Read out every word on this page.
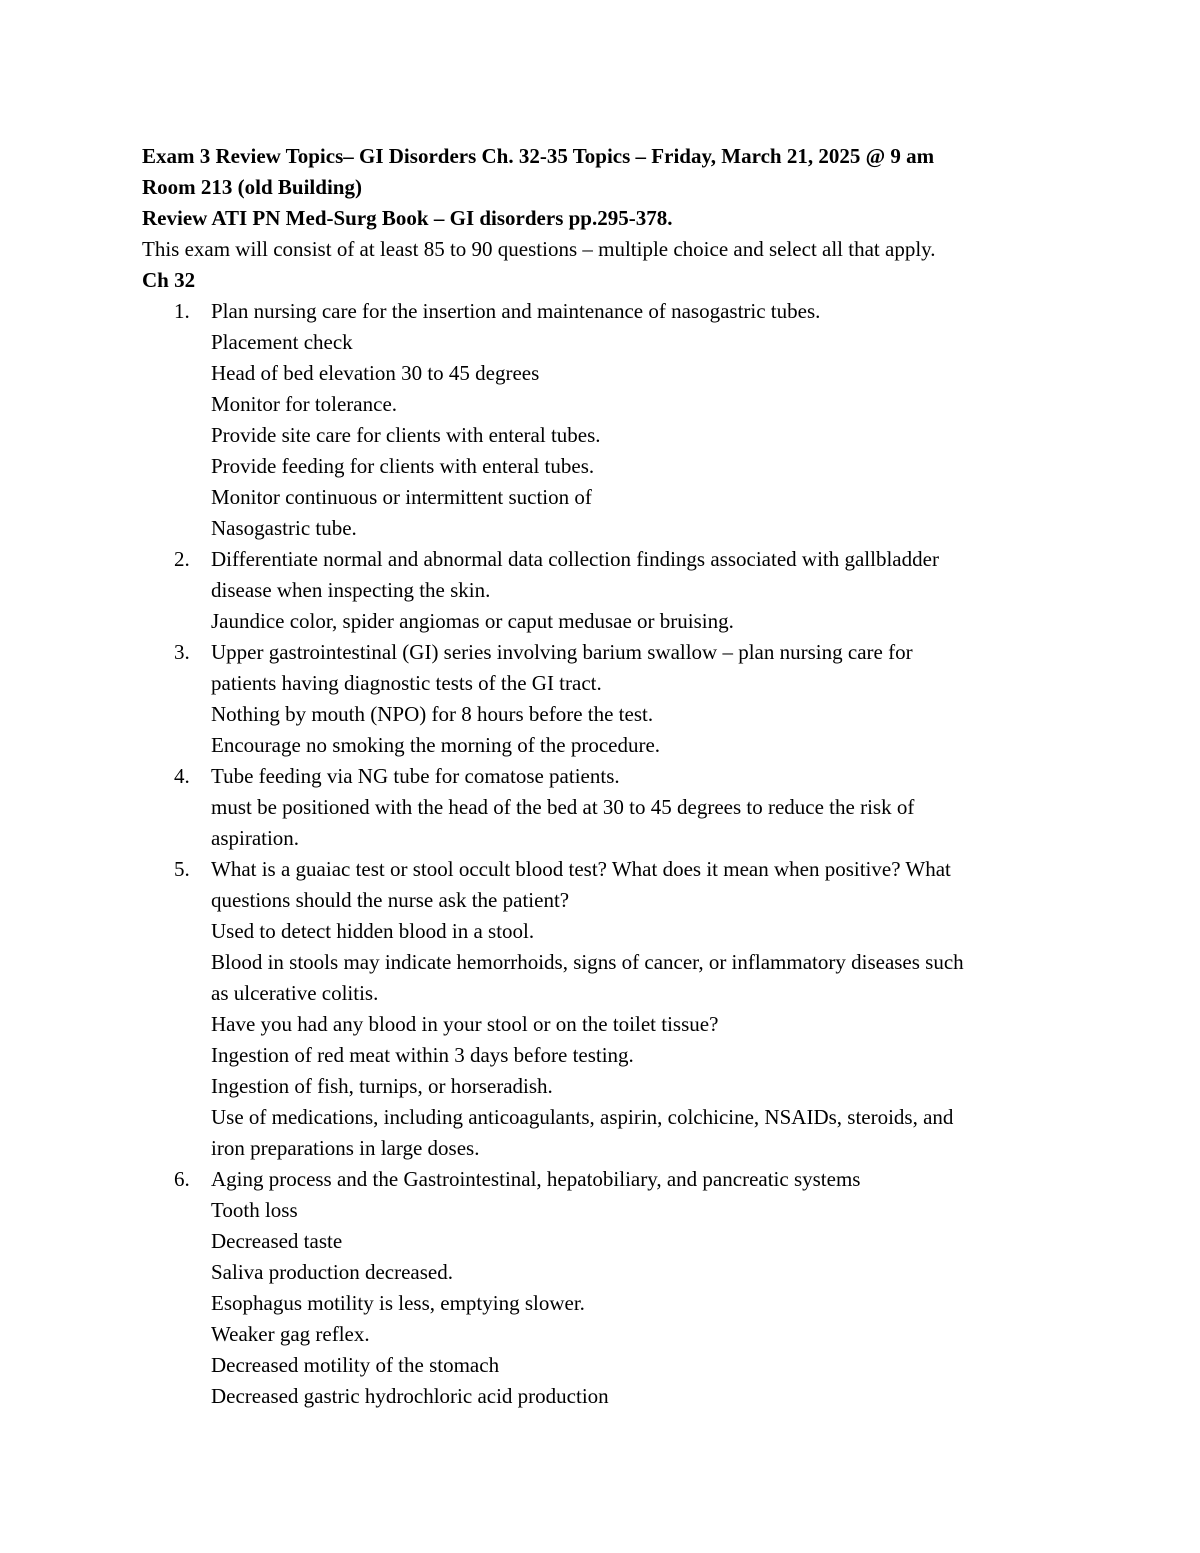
Exam 3 Review Topics– GI Disorders Ch. 32-35 Topics – Friday, March 21, 2025 @ 9 am
Room 213 (old Building)
Review ATI PN Med-Surg Book – GI disorders pp.295-378.
This exam will consist of at least 85 to 90 questions – multiple choice and select all that apply.
Ch 32
1.	Plan nursing care for the insertion and maintenance of nasogastric tubes.
Placement check
Head of bed elevation 30 to 45 degrees
Monitor for tolerance.
Provide site care for clients with enteral tubes.
Provide feeding for clients with enteral tubes.
Monitor continuous or intermittent suction of
Nasogastric tube.
2.	Differentiate normal and abnormal data collection findings associated with gallbladder
disease when inspecting the skin.
Jaundice color, spider angiomas or caput medusae or bruising.
3.	Upper gastrointestinal (GI) series involving barium swallow – plan nursing care for
patients having diagnostic tests of the GI tract.
Nothing by mouth (NPO) for 8 hours before the test.
Encourage no smoking the morning of the procedure.
4.	Tube feeding via NG tube for comatose patients.
must be positioned with the head of the bed at 30 to 45 degrees to reduce the risk of
aspiration.
5.	What is a guaiac test or stool occult blood test? What does it mean when positive? What
questions should the nurse ask the patient?
Used to detect hidden blood in a stool.
Blood in stools may indicate hemorrhoids, signs of cancer, or inflammatory diseases such
as ulcerative colitis.
Have you had any blood in your stool or on the toilet tissue?
Ingestion of red meat within 3 days before testing.
Ingestion of fish, turnips, or horseradish.
Use of medications, including anticoagulants, aspirin, colchicine, NSAIDs, steroids, and
iron preparations in large doses.
6.	Aging process and the Gastrointestinal, hepatobiliary, and pancreatic systems
Tooth loss
Decreased taste
Saliva production decreased.
Esophagus motility is less, emptying slower.
Weaker gag reflex.
Decreased motility of the stomach
Decreased gastric hydrochloric acid production
